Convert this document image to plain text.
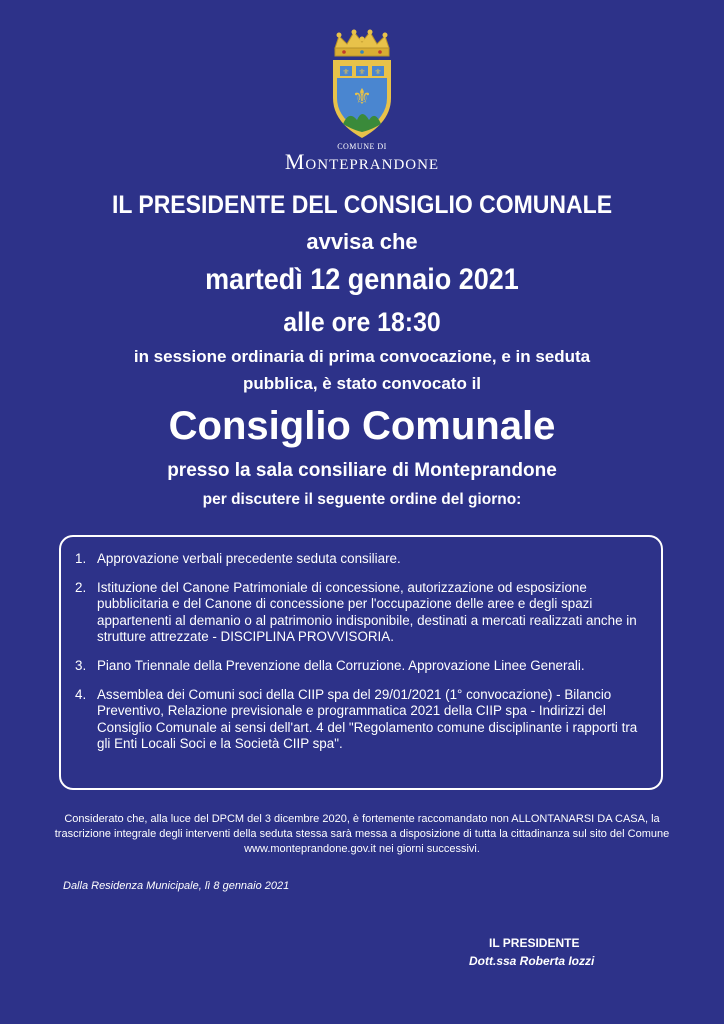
⚜ ⚜ ⚜
⚜
COMUNE DI
Monteprandone
IL PRESIDENTE DEL CONSIGLIO COMUNALE
avvisa che
martedì 12 gennaio 2021
alle ore 18:30
in sessione ordinaria di prima convocazione, e in seduta
pubblica, è stato convocato il
Consiglio Comunale
presso la sala consiliare di Monteprandone
per discutere il seguente ordine del giorno:
1. Approvazione verbali precedente seduta consiliare.
2. Istituzione del Canone Patrimoniale di concessione, autorizzazione od esposizione pubblicitaria e del Canone di concessione per l'occupazione delle aree e degli spazi appartenenti al demanio o al patrimonio indisponibile, destinati a mercati realizzati anche in strutture attrezzate - DISCIPLINA PROVVISORIA.
3. Piano Triennale della Prevenzione della Corruzione. Approvazione Linee Generali.
4. Assemblea dei Comuni soci della CIIP spa del 29/01/2021 (1° convocazione) - Bilancio Preventivo, Relazione previsionale e programmatica 2021 della CIIP spa - Indirizzi del Consiglio Comunale ai sensi dell'art. 4 del "Regolamento comune disciplinante i rapporti tra gli Enti Locali Soci e la Società CIIP spa".
Considerato che, alla luce del DPCM del 3 dicembre 2020, è fortemente raccomandato non ALLONTANARSI DA CASA, la trascrizione integrale degli interventi della seduta stessa sarà messa a disposizione di tutta la cittadinanza sul sito del Comune www.monteprandone.gov.it nei giorni successivi.
Dalla Residenza Municipale, lì 8 gennaio 2021
IL PRESIDENTE
Dott.ssa Roberta Iozzi
